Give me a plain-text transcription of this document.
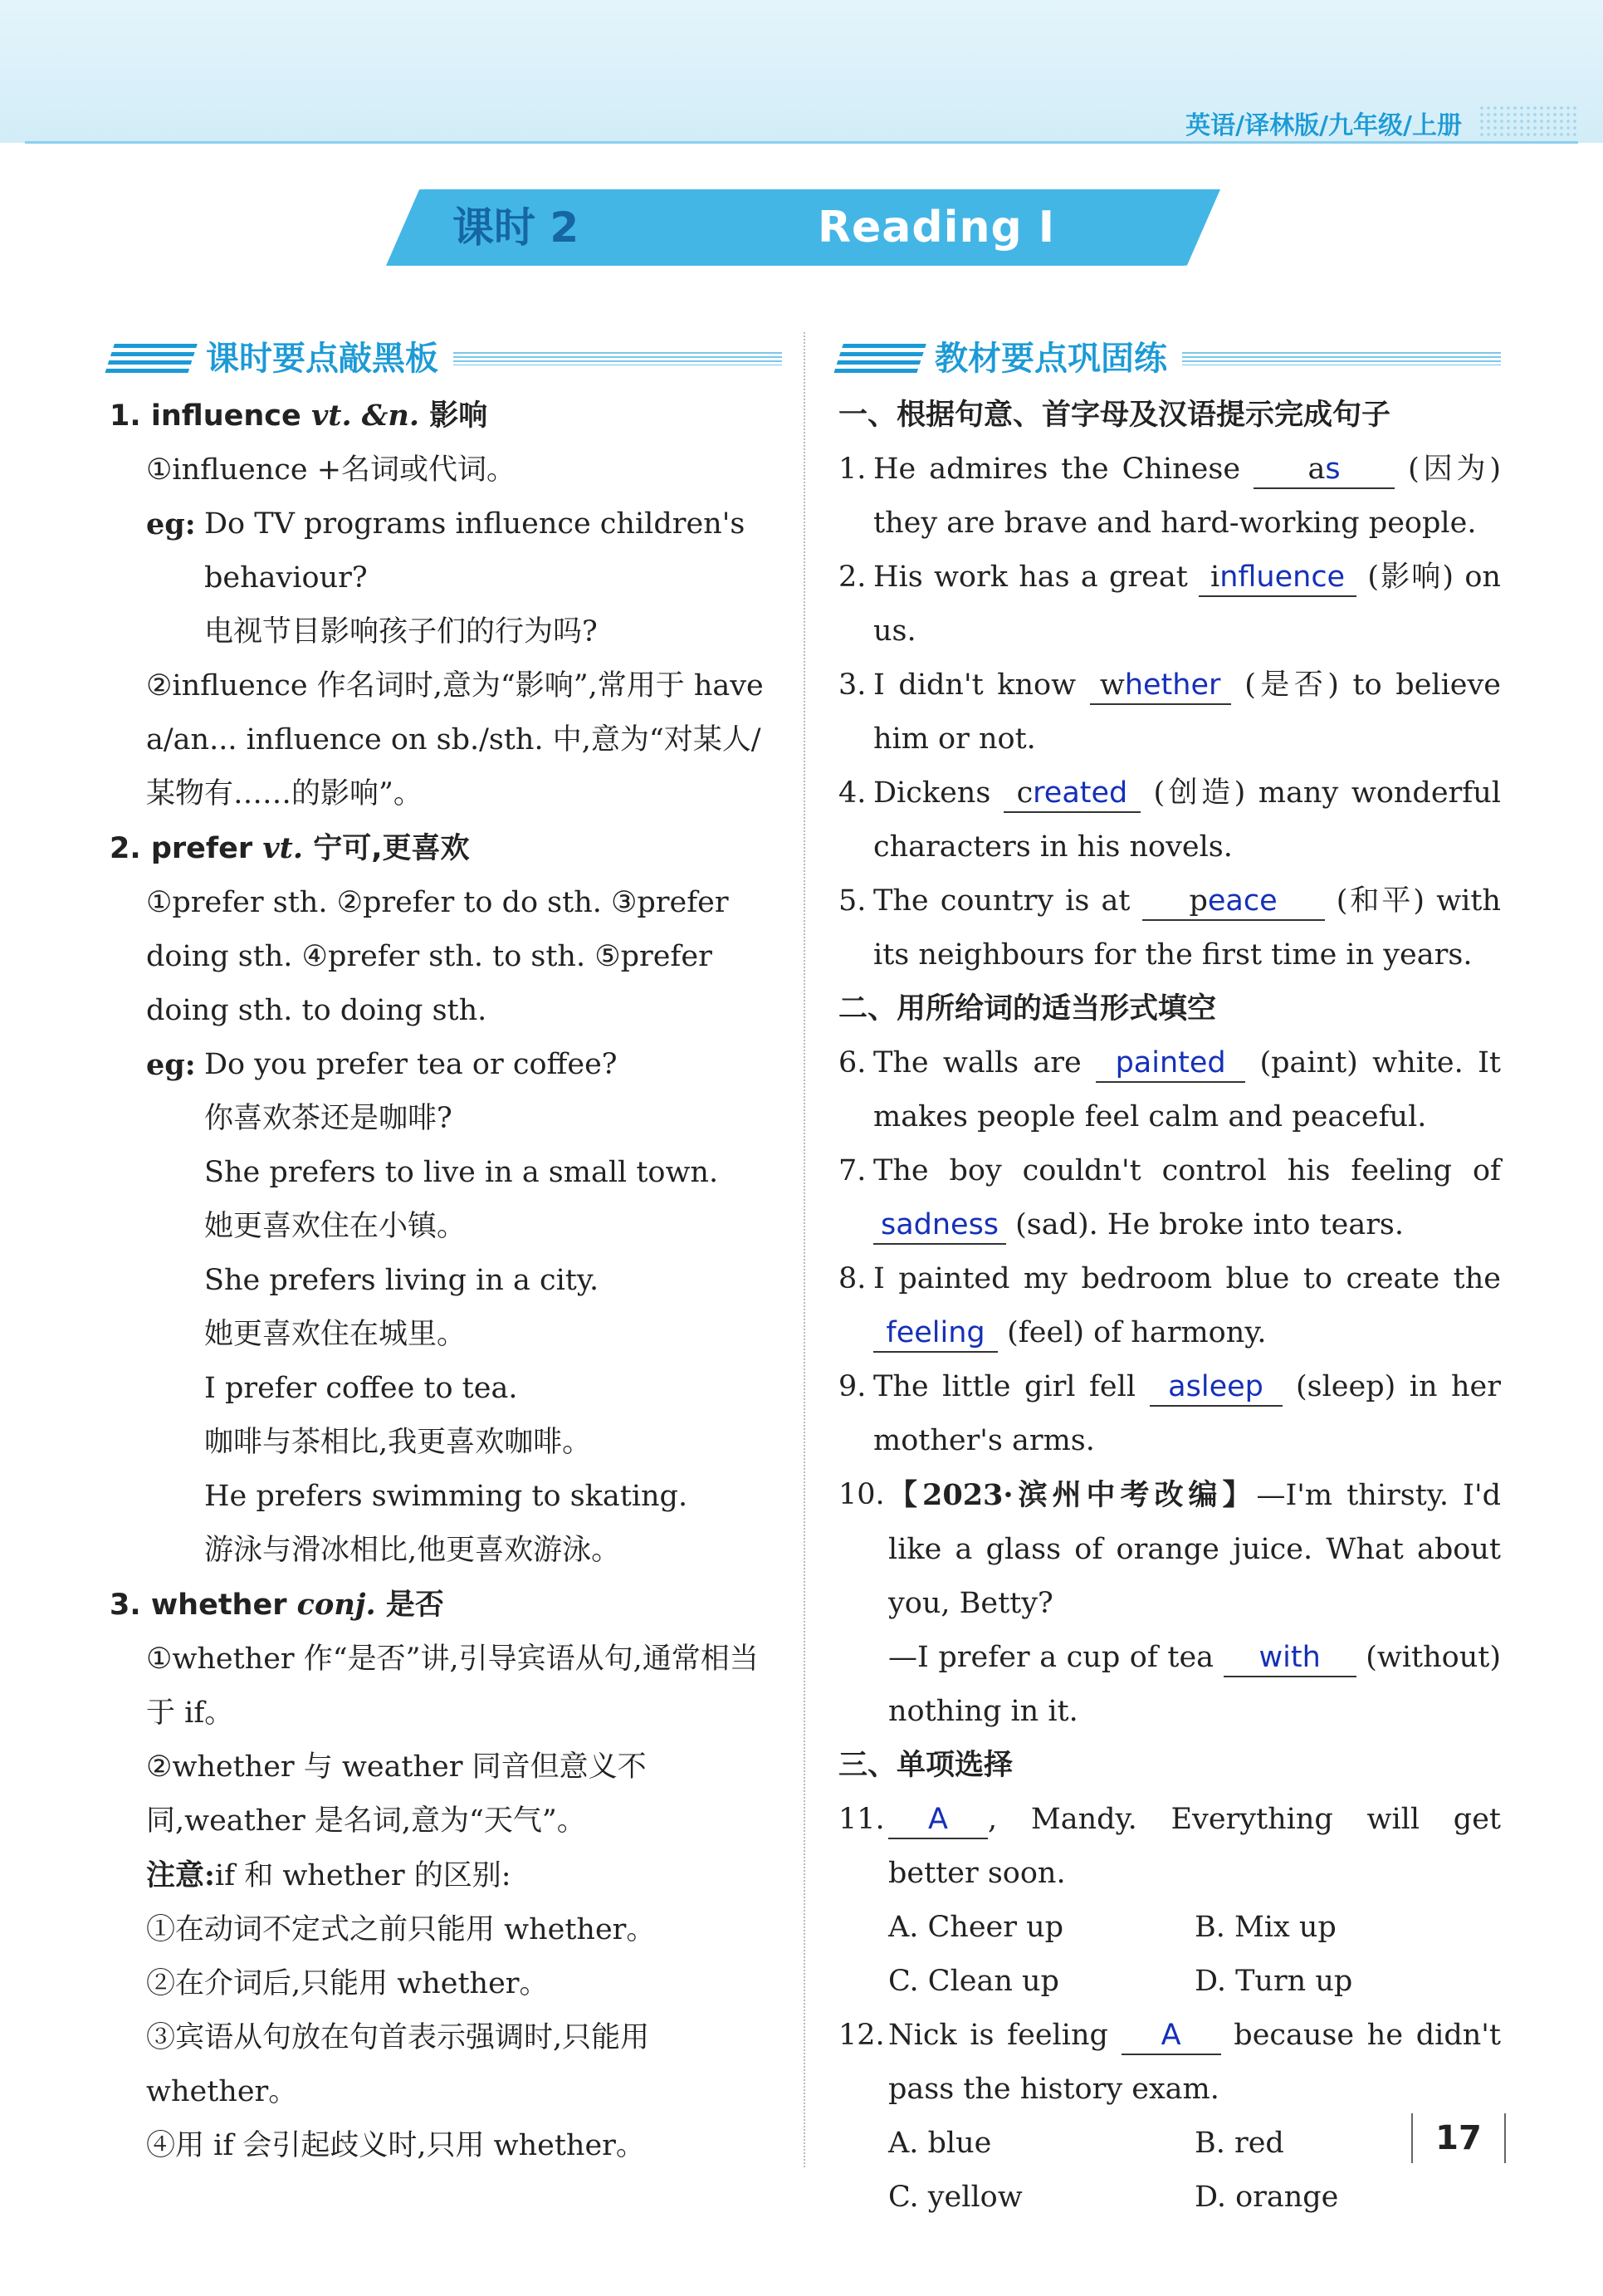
英语/译林版/九年级/上册
课时 2	Reading Ⅰ
课时要点敲黑板
1. influence vt. &n. 影响
①influence +名词或代词。
eg: Do TV programs influence children's behaviour?
电视节目影响孩子们的行为吗?
②influence 作名词时,意为“影响”,常用于 have a/an... influence on sb./sth. 中,意为“对某人/某物有……的影响”。
2. prefer vt. 宁可,更喜欢
①prefer sth. ②prefer to do sth. ③prefer doing sth. ④prefer sth. to sth. ⑤prefer doing sth. to doing sth.
eg: Do you prefer tea or coffee?
你喜欢茶还是咖啡?
She prefers to live in a small town.
她更喜欢住在小镇。
She prefers living in a city.
她更喜欢住在城里。
I prefer coffee to tea.
咖啡与茶相比,我更喜欢咖啡。
He prefers swimming to skating.
游泳与滑冰相比,他更喜欢游泳。
3. whether conj. 是否
①whether 作“是否”讲,引导宾语从句,通常相当于 if。
②whether 与 weather 同音但意义不同,weather 是名词,意为“天气”。
注意:if 和 whether 的区别:
①在动词不定式之前只能用 whether。
②在介词后,只能用 whether。
③宾语从句放在句首表示强调时,只能用 whether。
④用 if 会引起歧义时,只用 whether。
教材要点巩固练
一、根据句意、首字母及汉语提示完成句子
1. He admires the Chinese as (因为) they are brave and hard-working people.
2. His work has a great influence (影响) on us.
3. I didn't know whether (是否) to believe him or not.
4. Dickens created (创造) many wonderful characters in his novels.
5. The country is at peace (和平) with its neighbours for the first time in years.
二、用所给词的适当形式填空
6. The walls are painted (paint) white. It makes people feel calm and peaceful.
7. The boy couldn't control his feeling of sadness (sad). He broke into tears.
8. I painted my bedroom blue to create the feeling (feel) of harmony.
9. The little girl fell asleep (sleep) in her mother's arms.
10. 【2023·滨州中考改编】—I'm thirsty. I'd like a glass of orange juice. What about you, Betty?
—I prefer a cup of tea with (without) nothing in it.
三、单项选择
11.	A , Mandy. Everything will get better soon.
A. Cheer up	B. Mix up
C. Clean up	D. Turn up
12. Nick is feeling A because he didn't pass the history exam.
A. blue	B. red
C. yellow	D. orange
17
